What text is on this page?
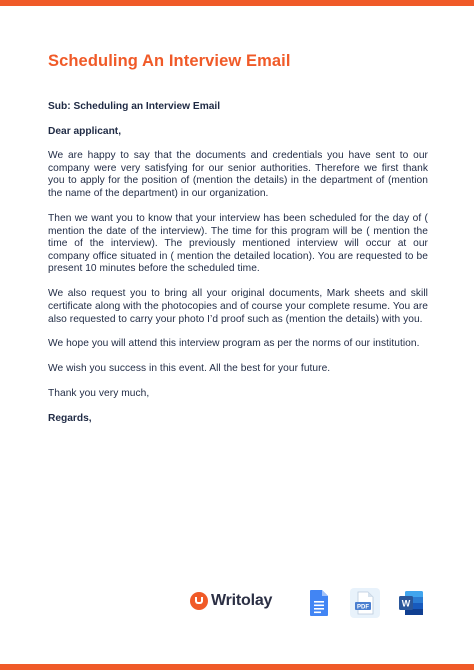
Scheduling An Interview Email

Sub: Scheduling an Interview Email

Dear applicant,

We are happy to say that the documents and credentials you have sent to our company were very satisfying for our senior authorities. Therefore we first thank you to apply for the position of (mention the details) in the department of (mention the name of the department) in our organization.

Then we want you to know that your interview has been scheduled for the day of ( mention the date of the interview). The time for this program will be ( mention the time of the interview). The previously mentioned interview will occur at our company office situated in ( mention the detailed location). You are requested to be present 10 minutes before the scheduled time.

We also request you to bring all your original documents, Mark sheets and skill certificate along with the photocopies and of course your complete resume. You are also requested to carry your photo I’d proof such as (mention the details) with you.

We hope you will attend this interview program as per the norms of our institution.

We wish you success in this event. All the best for your future.

Thank you very much,

Regards,

Writolay	PDF	W
